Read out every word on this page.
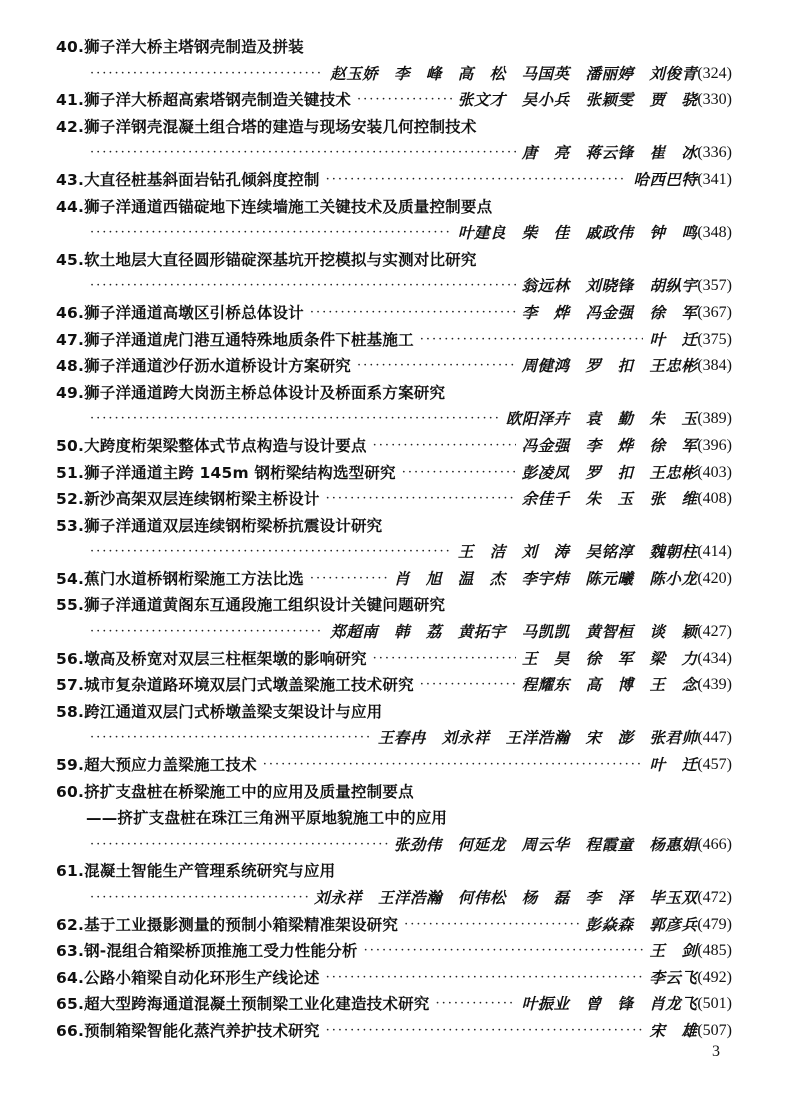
40.狮子洋大桥主塔钢壳制造及拼装
·····
赵玉娇 李 峰 高 松 马国英 潘丽婷 刘俊青 (324)
41.狮子洋大桥超高索塔钢壳制造关键技术 ·····	张文才 吴小兵 张颖雯 贾 骁 (330)
42.狮子洋钢壳混凝土组合塔的建造与现场安装几何控制技术
·····
唐 亮 蒋云锋 崔 冰 (336)
43.大直径桩基斜面岩钻孔倾斜度控制 ·····	哈西巴特 (341)
44.狮子洋通道西锚碇地下连续墙施工关键技术及质量控制要点
·····
叶建良 柴 佳 戚政伟 钟 鸣 (348)
45.软土地层大直径圆形锚碇深基坑开挖模拟与实测对比研究
·····
翁远林 刘晓锋 胡纵宇 (357)
46.狮子洋通道高墩区引桥总体设计 ·····	李 烨 冯金强 徐 军 (367)
47.狮子洋通道虎门港互通特殊地质条件下桩基施工 ·····	叶 迁 (375)
48.狮子洋通道沙仔沥水道桥设计方案研究 ·····	周健鸿 罗 扣 王忠彬 (384)
49.狮子洋通道跨大岗沥主桥总体设计及桥面系方案研究
·····
欧阳泽卉 袁 勤 朱 玉 (389)
50.大跨度桁架梁整体式节点构造与设计要点 ·····	冯金强 李 烨 徐 军 (396)
51.狮子洋通道主跨 145m 钢桁梁结构选型研究 ·····	彭凌凤 罗 扣 王忠彬 (403)
52.新沙高架双层连续钢桁梁主桥设计 ·····	余佳千 朱 玉 张 维 (408)
53.狮子洋通道双层连续钢桁梁桥抗震设计研究
·····
王 洁 刘 涛 吴铭淳 魏朝柱 (414)
54.蕉门水道桥钢桁梁施工方法比选 ·····	肖 旭 温 杰 李宇炜 陈元曦 陈小龙 (420)
55.狮子洋通道黄阁东互通段施工组织设计关键问题研究
·····
郑超南 韩 荔 黄拓宇 马凯凯 黄智桓 谈 颖 (427)
56.墩高及桥宽对双层三柱框架墩的影响研究 ·····	王 昊 徐 军 梁 力 (434)
57.城市复杂道路环境双层门式墩盖梁施工技术研究 ·····	程耀东 高 博 王 念 (439)
58.跨江通道双层门式桥墩盖梁支架设计与应用
·····
王春冉 刘永祥 王洋浩瀚 宋 澎 张君帅 (447)
59.超大预应力盖梁施工技术 ·····	叶 迁 (457)
60.挤扩支盘桩在桥梁施工中的应用及质量控制要点
——挤扩支盘桩在珠江三角洲平原地貌施工中的应用
·····
张劲伟 何延龙 周云华 程霞童 杨惠娟 (466)
61.混凝土智能生产管理系统研究与应用
·····
刘永祥 王洋浩瀚 何伟松 杨 磊 李 泽 毕玉双 (472)
62.基于工业摄影测量的预制小箱梁精准架设研究 ·····	彭焱森 郭彦兵 (479)
63.钢-混组合箱梁桥顶推施工受力性能分析 ·····	王 剑 (485)
64.公路小箱梁自动化环形生产线论述 ·····	李云飞 (492)
65.超大型跨海通道混凝土预制梁工业化建造技术研究 ·····	叶振业 曾 锋 肖龙飞 (501)
66.预制箱梁智能化蒸汽养护技术研究 ·····	宋 雄 (507)
3
